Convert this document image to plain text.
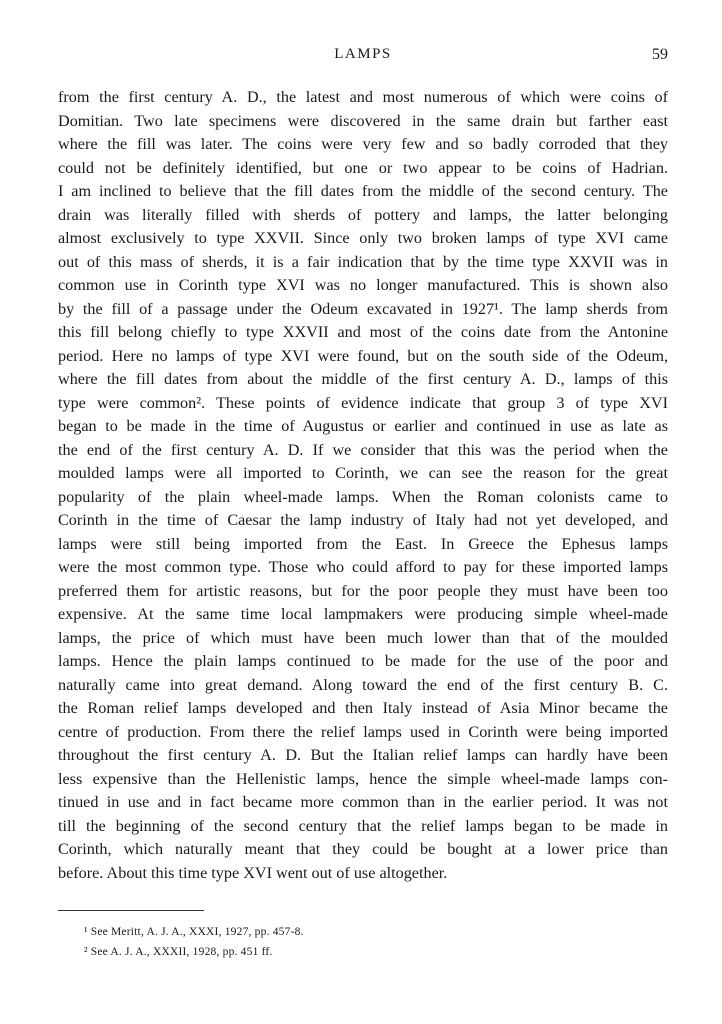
LAMPS	59
from the first century A. D., the latest and most numerous of which were coins of
Domitian. Two late specimens were discovered in the same drain but farther east
where the fill was later. The coins were very few and so badly corroded that they
could not be definitely identified, but one or two appear to be coins of Hadrian.
I am inclined to believe that the fill dates from the middle of the second century. The
drain was literally filled with sherds of pottery and lamps, the latter belonging
almost exclusively to type XXVII. Since only two broken lamps of type XVI came
out of this mass of sherds, it is a fair indication that by the time type XXVII was in
common use in Corinth type XVI was no longer manufactured. This is shown also
by the fill of a passage under the Odeum excavated in 1927¹. The lamp sherds from
this fill belong chiefly to type XXVII and most of the coins date from the Antonine
period. Here no lamps of type XVI were found, but on the south side of the Odeum,
where the fill dates from about the middle of the first century A. D., lamps of this
type were common². These points of evidence indicate that group 3 of type XVI
began to be made in the time of Augustus or earlier and continued in use as late as
the end of the first century A. D. If we consider that this was the period when the
moulded lamps were all imported to Corinth, we can see the reason for the great
popularity of the plain wheel-made lamps. When the Roman colonists came to
Corinth in the time of Caesar the lamp industry of Italy had not yet developed, and
lamps were still being imported from the East. In Greece the Ephesus lamps
were the most common type. Those who could afford to pay for these imported lamps
preferred them for artistic reasons, but for the poor people they must have been too
expensive. At the same time local lampmakers were producing simple wheel-made
lamps, the price of which must have been much lower than that of the moulded
lamps. Hence the plain lamps continued to be made for the use of the poor and
naturally came into great demand. Along toward the end of the first century B. C.
the Roman relief lamps developed and then Italy instead of Asia Minor became the
centre of production. From there the relief lamps used in Corinth were being imported
throughout the first century A. D. But the Italian relief lamps can hardly have been
less expensive than the Hellenistic lamps, hence the simple wheel-made lamps con-
tinued in use and in fact became more common than in the earlier period. It was not
till the beginning of the second century that the relief lamps began to be made in
Corinth, which naturally meant that they could be bought at a lower price than
before. About this time type XVI went out of use altogether.
¹ See Meritt, A. J. A., XXXI, 1927, pp. 457-8.
² See A. J. A., XXXII, 1928, pp. 451 ff.
